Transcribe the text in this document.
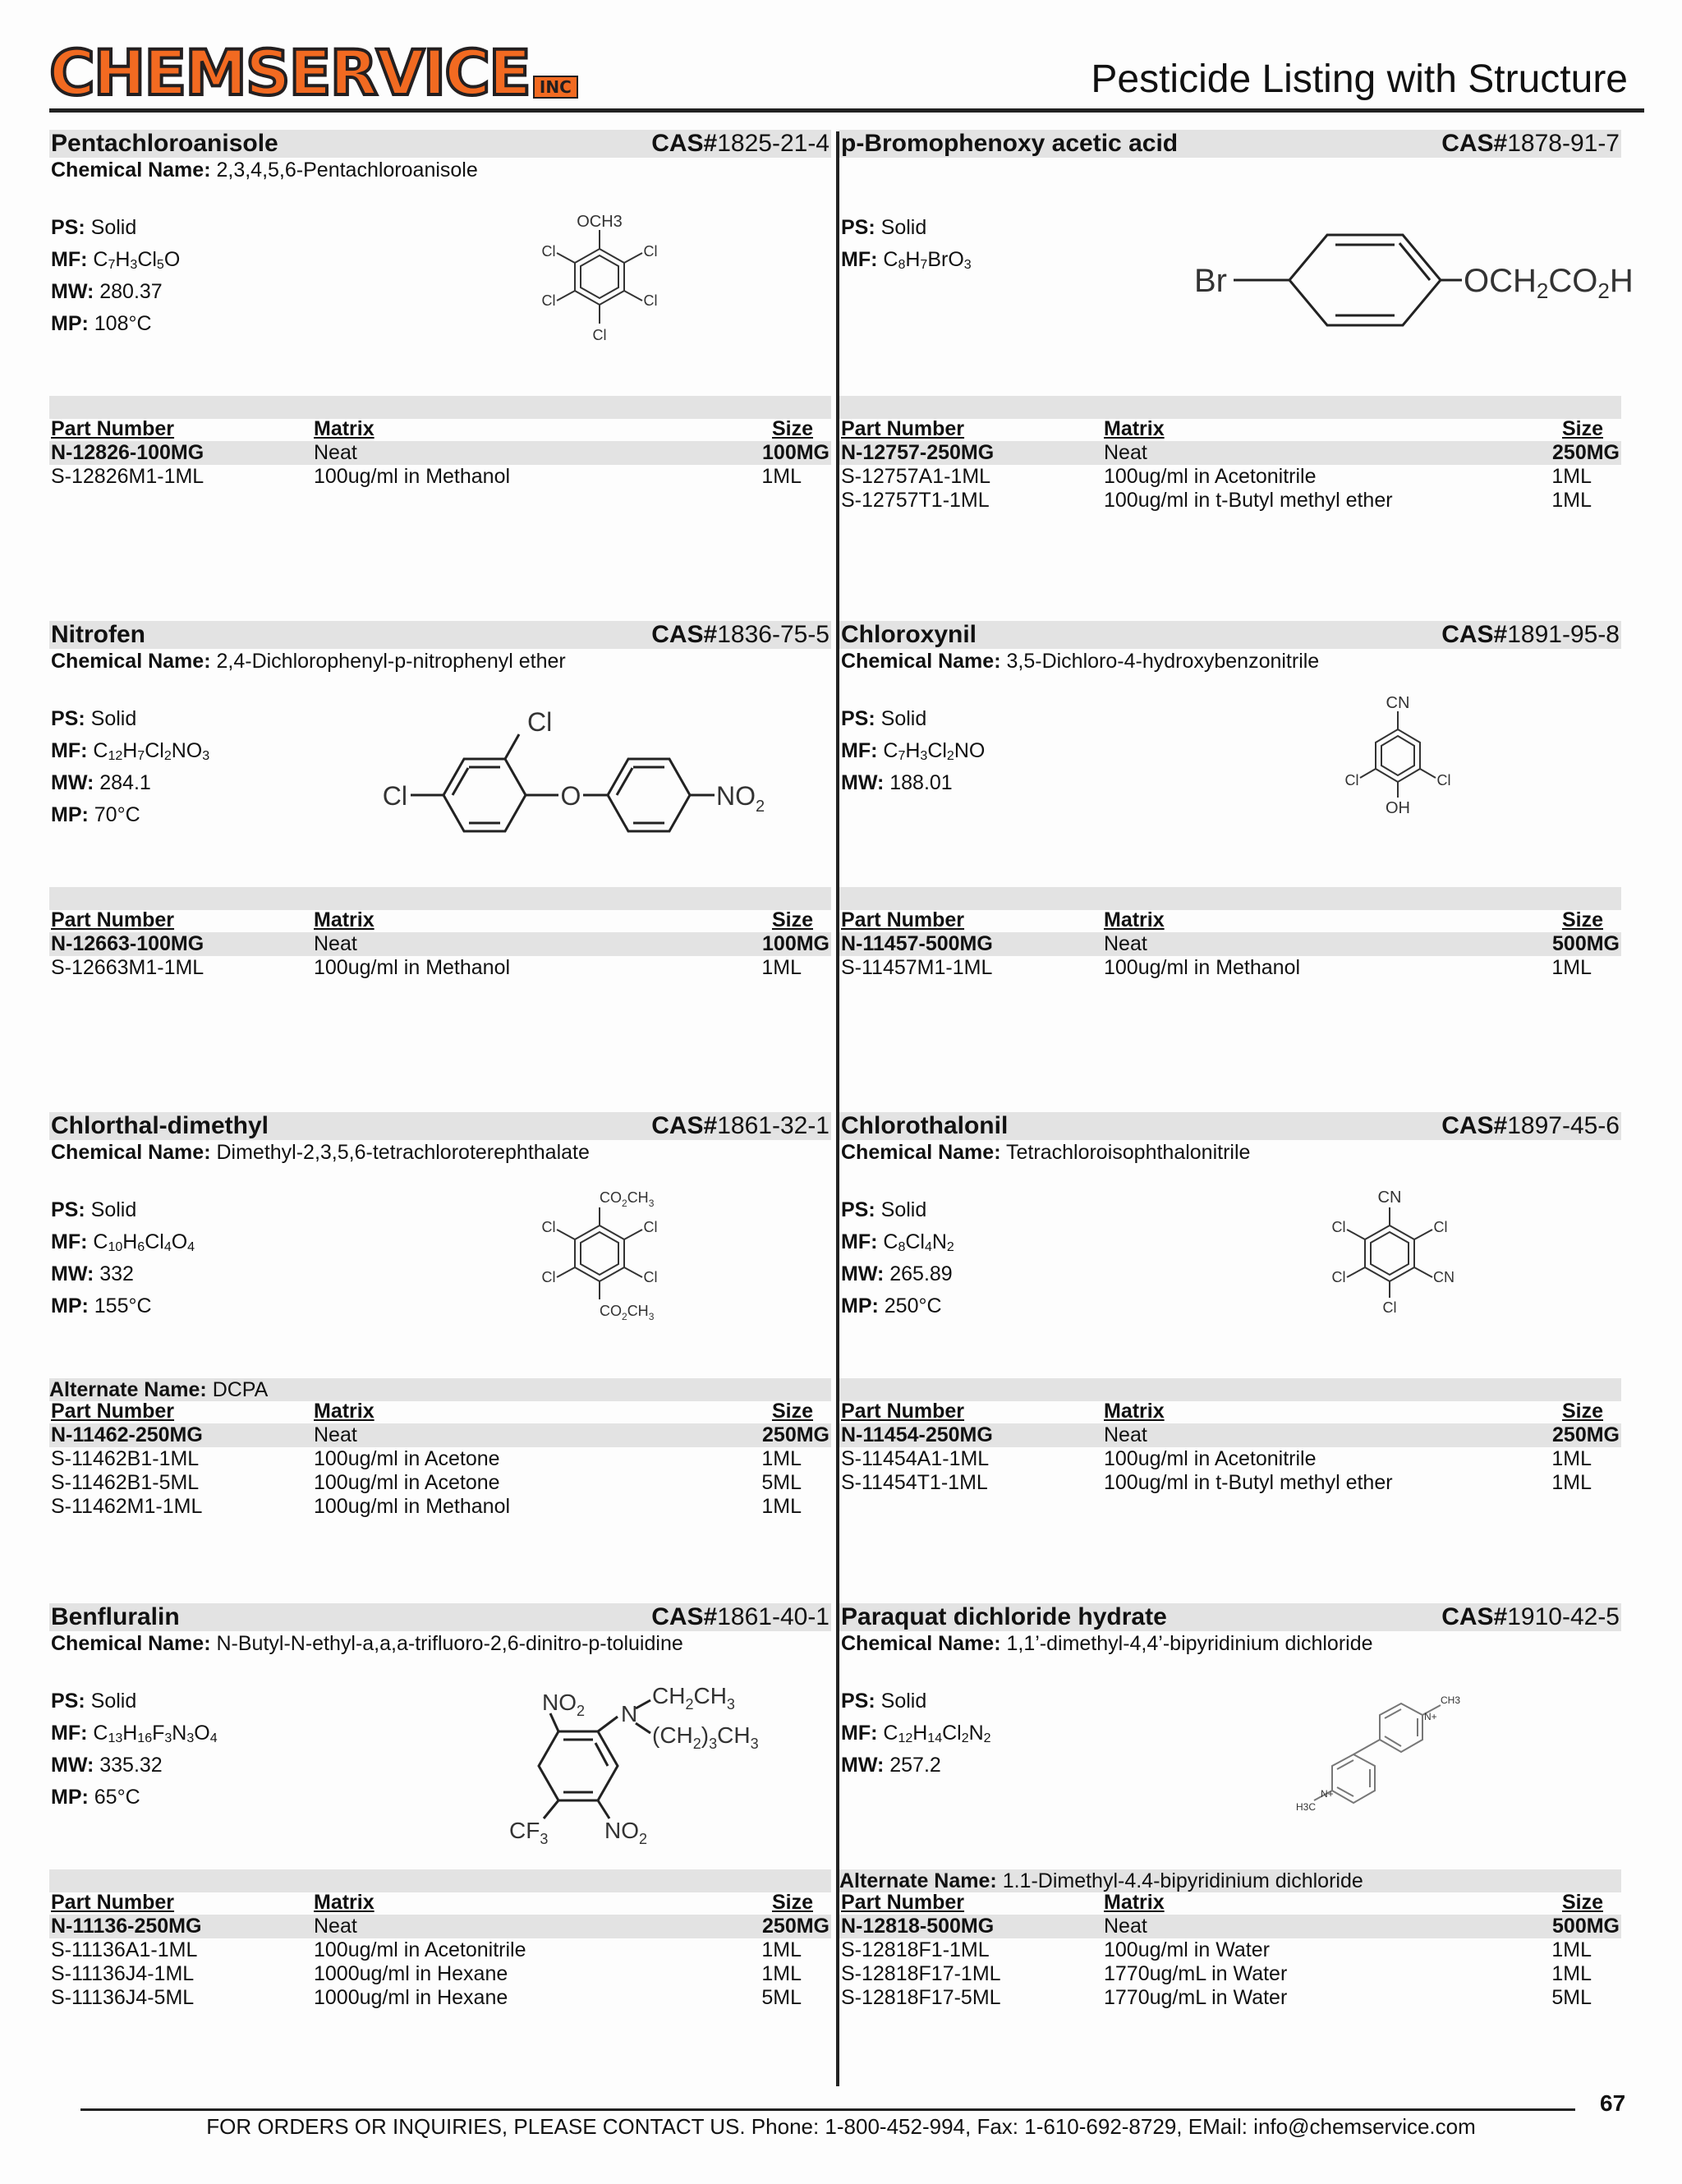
CHEMSERVICE INC	Pesticide Listing with Structure
Pentachloroanisole	CAS#1825-21-4
Chemical Name: 2,3,4,5,6-Pentachloroanisole
PS: Solid
MF: $C_7H_3Cl_5O$
MW: 280.37
MP: 108°C
Part Number	Matrix	Size
N-12826-100MG	Neat	100MG
S-12826M1-1ML	100ug/ml in Methanol	1ML
OCH3
Cl	Cl
Cl	Cl
Cl
p-Bromophenoxy acetic acid	CAS#1878-91-7
PS: Solid
MF: $C_8H_7BrO_3$
Part Number	Matrix	Size
N-12757-250MG	Neat	250MG
S-12757A1-1ML	100ug/ml in Acetonitrile	1ML
S-12757T1-1ML	100ug/ml in t-Butyl methyl ether	1ML
Br	$OCH_2CO_2H$
Nitrofen	CAS#1836-75-5
Chemical Name: 2,4-Dichlorophenyl-p-nitrophenyl ether
PS: Solid
MF: $C_{12}H_7Cl_2NO_3$
MW: 284.1
MP: 70°C
Part Number	Matrix	Size
N-12663-100MG	Neat	100MG
S-12663M1-1ML	100ug/ml in Methanol	1ML
Cl
Cl
O	$NO_2$
Chloroxynil	CAS#1891-95-8
Chemical Name: 3,5-Dichloro-4-hydroxybenzonitrile
PS: Solid
MF: $C_7H_3Cl_2NO$
MW: 188.01
Part Number	Matrix	Size
N-11457-500MG	Neat	500MG
S-11457M1-1ML	100ug/ml in Methanol	1ML
CN
Cl	Cl
OH
Chlorthal-dimethyl	CAS#1861-32-1
Chemical Name: Dimethyl-2,3,5,6-tetrachloroterephthalate
PS: Solid
MF: $C_{10}H_6Cl_4O_4$
MW: 332
MP: 155°C
Alternate Name: DCPA
Part Number	Matrix	Size
N-11462-250MG	Neat	250MG
S-11462B1-1ML	100ug/ml in Acetone	1ML
S-11462B1-5ML	100ug/ml in Acetone	5ML
S-11462M1-1ML	100ug/ml in Methanol	1ML
$CO_2CH_3$
Cl	Cl
Cl	Cl
$CO_2CH_3$
Chlorothalonil	CAS#1897-45-6
Chemical Name: Tetrachloroisophthalonitrile
PS: Solid
MF: $C_8Cl_4N_2$
MW: 265.89
MP: 250°C
Part Number	Matrix	Size
N-11454-250MG	Neat	250MG
S-11454A1-1ML	100ug/ml in Acetonitrile	1ML
S-11454T1-1ML	100ug/ml in t-Butyl methyl ether	1ML
CN
Cl	Cl
Cl	CN
Cl
Benfluralin	CAS#1861-40-1
Chemical Name: N-Butyl-N-ethyl-a,a,a-trifluoro-2,6-dinitro-p-toluidine
PS: Solid
MF: $C_{13}H_{16}F_3N_3O_4$
MW: 335.32
MP: 65°C
Part Number	Matrix	Size
N-11136-250MG	Neat	250MG
S-11136A1-1ML	100ug/ml in Acetonitrile	1ML
S-11136J4-1ML	1000ug/ml in Hexane	1ML
S-11136J4-5ML	1000ug/ml in Hexane	5ML
$NO_2$ N
$CH_2CH_3$
$(CH_2)_3CH_3$
$CF_3$ $NO_2$
Paraquat dichloride hydrate	CAS#1910-42-5
Chemical Name: 1,1’-dimethyl-4,4’-bipyridinium dichloride
PS: Solid
MF: $C_{12}H_{14}Cl_2N_2$
MW: 257.2
Alternate Name: 1.1-Dimethyl-4.4-bipyridinium dichloride
Part Number	Matrix	Size
N-12818-500MG	Neat	500MG
S-12818F1-1ML	100ug/ml in Water	1ML
S-12818F17-1ML	1770ug/mL in Water	1ML
S-12818F17-5ML	1770ug/mL in Water	5ML
CH3
N+
N+
H3C
67
FOR ORDERS OR INQUIRIES, PLEASE CONTACT US. Phone: 1-800-452-994, Fax: 1-610-692-8729, EMail: info@chemservice.com
